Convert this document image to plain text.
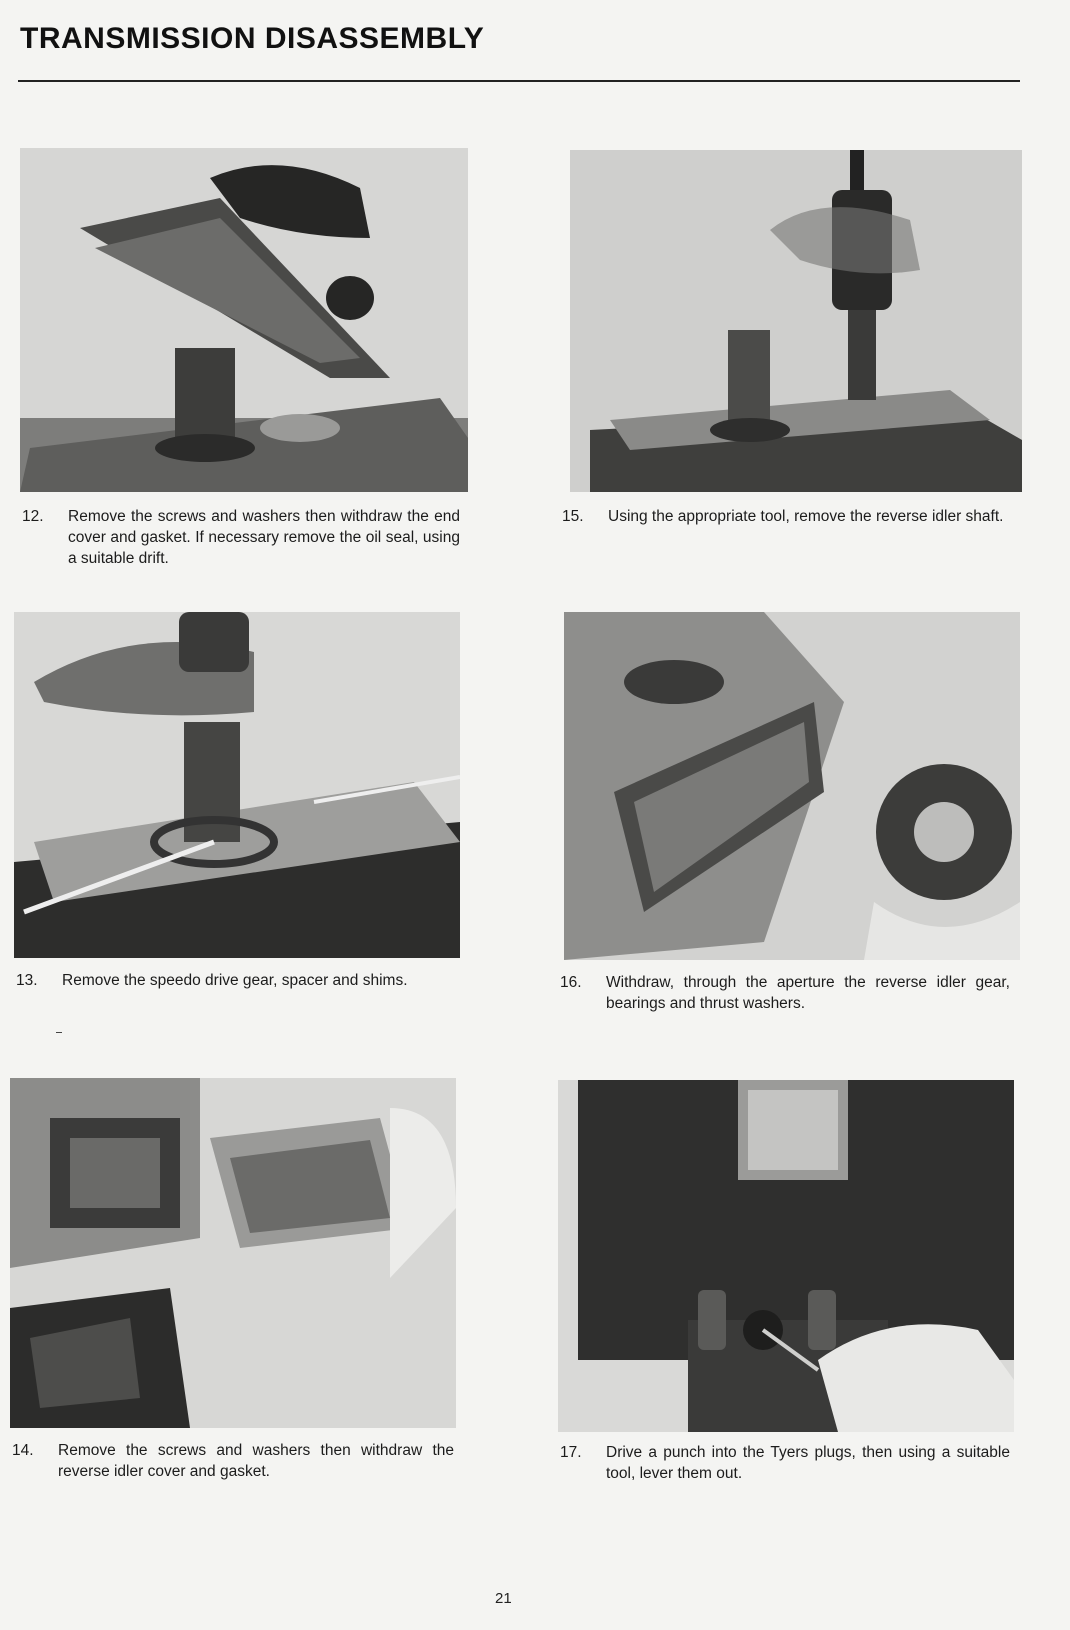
TRANSMISSION DISASSEMBLY
12. Remove the screws and washers then withdraw the end cover and gasket. If necessary remove the oil seal, using a suitable drift.
15. Using the appropriate tool, remove the reverse idler shaft.
13. Remove the speedo drive gear, spacer and shims.	16. Withdraw, through the aperture the reverse idler gear, bearings and thrust washers.
14. Remove the screws and washers then withdraw the reverse idler cover and gasket.
17. Drive a punch into the Tyers plugs, then using a suitable tool, lever them out.
21
